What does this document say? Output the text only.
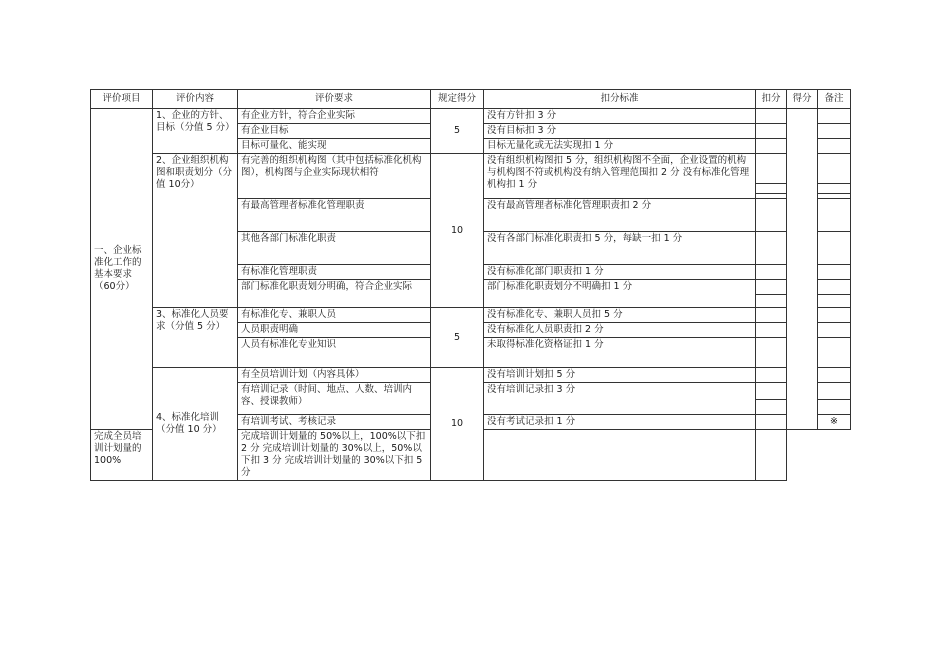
评价项目	评价内容	评价要求	规定得分	扣分标准	扣分	得分	备注
一、企业标准化工作的基本要求（60分）	1、企业的方针、目标（分值 5 分）	有企业方针，符合企业实际	5	没有方针扣 3 分			
		有企业目标		没有目标扣 3 分			
		目标可量化、能实现		目标无量化或无法实现扣 1 分			
	2、企业组织机构图和职责划分（分值 10分）	有完善的组织机构图（其中包括标准化机构图），机构图与企业实际现状相符	10	没有组织机构图扣 5 分，组织机构图不全面，企业设置的机构与机构图不符或机构没有纳入管理范围扣 2 分 没有标准化管理机构扣 1 分			

		有最高管理者标准化管理职责		没有最高管理者标准化管理职责扣 2 分			
		其他各部门标准化职责		没有各部门标准化职责扣 5 分，每缺一扣 1 分			
		有标准化管理职责		没有标准化部门职责扣 1 分			
		部门标准化职责划分明确，符合企业实际		部门标准化职责划分不明确扣 1 分			

	3、标准化人员要求（分值 5 分）	有标准化专、兼职人员	5	没有标准化专、兼职人员扣 5 分			
		人员职责明确		没有标准化人员职责扣 2 分			
		人员有标准化专业知识		未取得标准化资格证扣 1 分			
	4、标准化培训（分值 10 分）	有全员培训计划（内容具体）	10	没有培训计划扣 5 分			
		有培训记录（时间、地点、人数、培训内容、授课教师）		没有培训记录扣 3 分			

		有培训考试、考核记录		没有考试记录扣 1 分			※
完成全员培训计划量的 100%		完成培训计划量的 50%以上，100%以下扣 2 分 完成培训计划量的 30%以上，50%以下扣 3 分 完成培训计划量的 30%以下扣 5 分					
